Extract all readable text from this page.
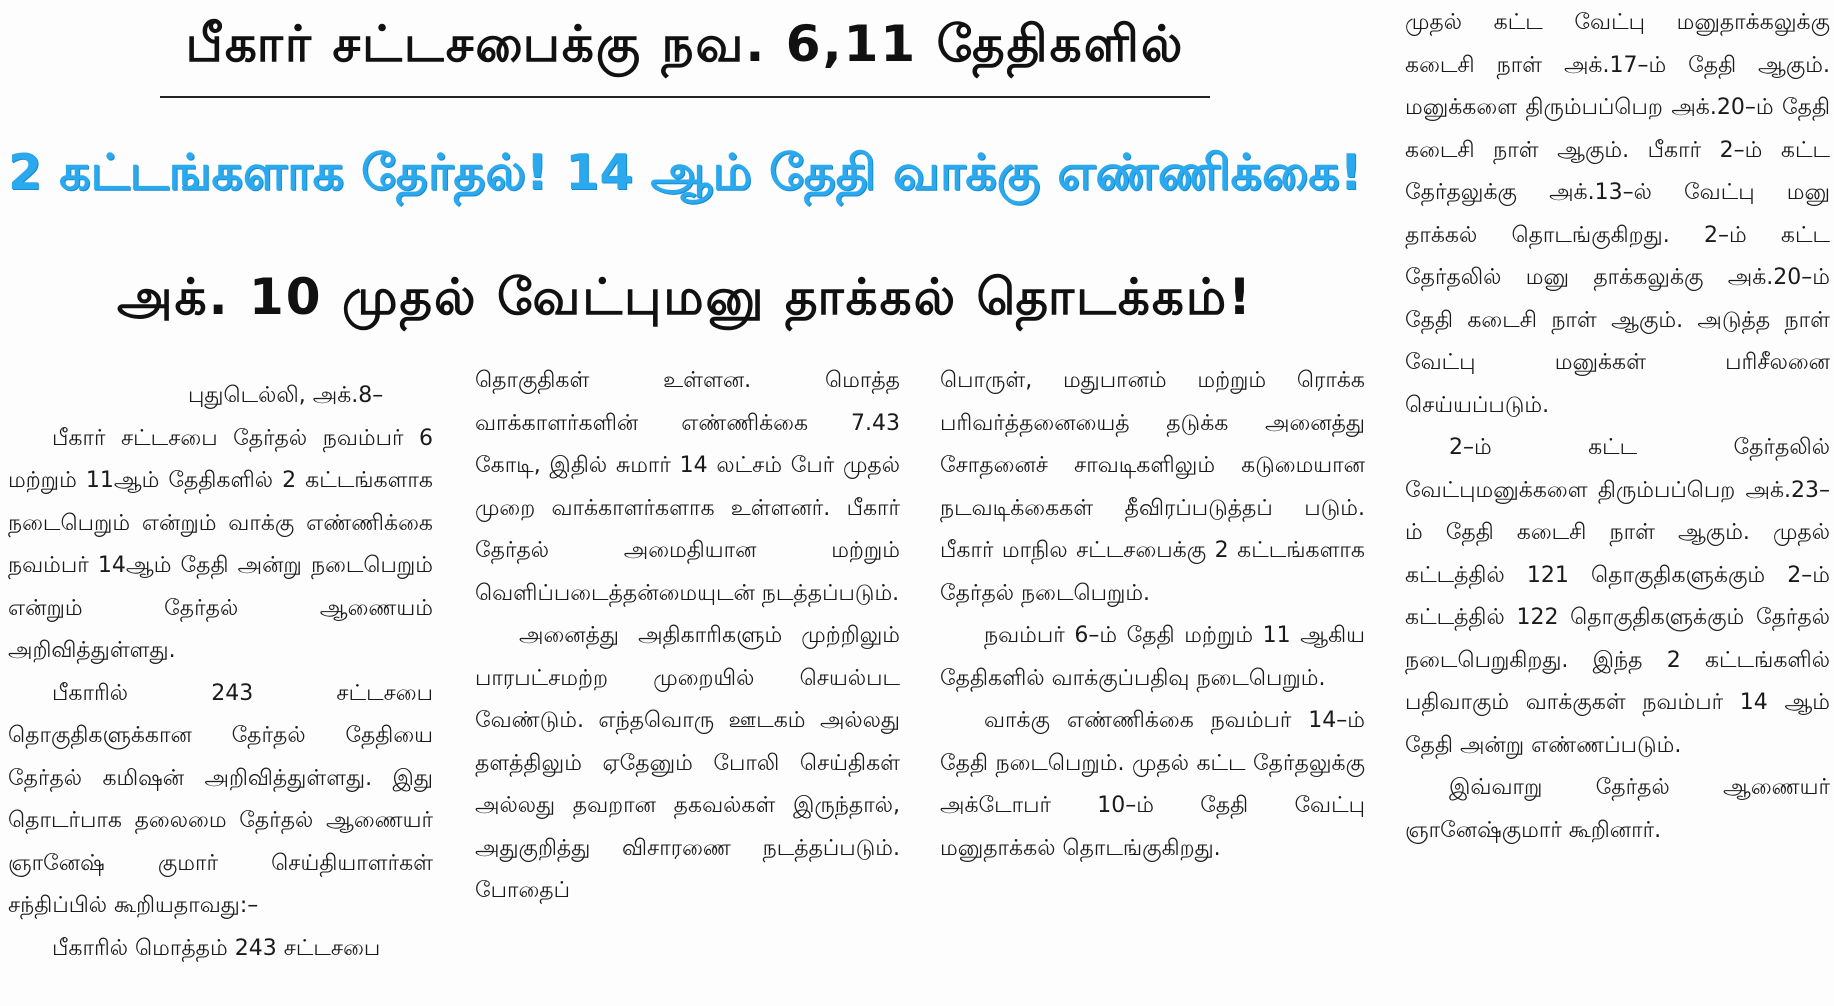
பீகார் சட்டசபைக்கு நவ. 6,11 தேதிகளில்
2 கட்டங்களாக தேர்தல்! 14 ஆம் தேதி வாக்கு எண்ணிக்கை!
அக். 10 முதல் வேட்புமனு தாக்கல் தொடக்கம்!

புதுடெல்லி, அக்.8–

பீகார் சட்டசபை தேர்தல் நவம்பர் 6 மற்றும் 11ஆம் தேதிகளில் 2 கட்டங்களாக நடைபெறும் என்றும் வாக்கு எண்ணிக்கை நவம்பர் 14ஆம் தேதி அன்று நடைபெறும் என்றும் தேர்தல் ஆணையம் அறிவித்துள்ளது.

பீகாரில் 243 சட்டசபை தொகுதிகளுக்கான தேர்தல் தேதியை தேர்தல் கமிஷன் அறிவித்துள்ளது. இது தொடர்பாக தலைமை தேர்தல் ஆணையர் ஞானேஷ் குமார் செய்தியாளர்கள் சந்திப்பில் கூறியதாவது:–

பீகாரில் மொத்தம் 243 சட்டசபை

தொகுதிகள் உள்ளன. மொத்த வாக்காளர்களின் எண்ணிக்கை 7.43 கோடி, இதில் சுமார் 14 லட்சம் பேர் முதல் முறை வாக்காளர்களாக உள்ளனர். பீகார் தேர்தல் அமைதியான மற்றும் வெளிப்படைத்தன்மையுடன் நடத்தப்படும்.

அனைத்து அதிகாரிகளும் முற்றிலும் பாரபட்சமற்ற முறையில் செயல்பட வேண்டும். எந்தவொரு ஊடகம் அல்லது தளத்திலும் ஏதேனும் போலி செய்திகள் அல்லது தவறான தகவல்கள் இருந்தால், அதுகுறித்து விசாரணை நடத்தப்படும். போதைப்

பொருள், மதுபானம் மற்றும் ரொக்க பரிவர்த்தனையைத் தடுக்க அனைத்து சோதனைச் சாவடிகளிலும் கடுமையான நடவடிக்கைகள் தீவிரப்படுத்தப் படும். பீகார் மாநில சட்டசபைக்கு 2 கட்டங்களாக தேர்தல் நடைபெறும்.

நவம்பர் 6–ம் தேதி மற்றும் 11 ஆகிய தேதிகளில் வாக்குப்பதிவு நடைபெறும்.

வாக்கு எண்ணிக்கை நவம்பர் 14–ம் தேதி நடைபெறும். முதல் கட்ட தேர்தலுக்கு அக்டோபர் 10–ம் தேதி வேட்பு மனுதாக்கல் தொடங்குகிறது.

முதல் கட்ட வேட்பு மனுதாக்கலுக்கு கடைசி நாள் அக்.17–ம் தேதி ஆகும். மனுக்களை திரும்பப்பெற அக்.20–ம் தேதி கடைசி நாள் ஆகும். பீகார் 2–ம் கட்ட தேர்தலுக்கு அக்.13–ல் வேட்பு மனு தாக்கல் தொடங்குகிறது. 2–ம் கட்ட தேர்தலில் மனு தாக்கலுக்கு அக்.20–ம் தேதி கடைசி நாள் ஆகும். அடுத்த நாள் வேட்பு மனுக்கள் பரிசீலனை செய்யப்படும்.

2–ம் கட்ட தேர்தலில் வேட்புமனுக்களை திரும்பப்பெற அக்.23–ம் தேதி கடைசி நாள் ஆகும். முதல் கட்டத்தில் 121 தொகுதிகளுக்கும் 2–ம் கட்டத்தில் 122 தொகுதிகளுக்கும் தேர்தல் நடைபெறுகிறது. இந்த 2 கட்டங்களில் பதிவாகும் வாக்குகள் நவம்பர் 14 ஆம் தேதி அன்று எண்ணப்படும்.

இவ்வாறு தேர்தல் ஆணையர் ஞானேஷ்குமார் கூறினார்.
